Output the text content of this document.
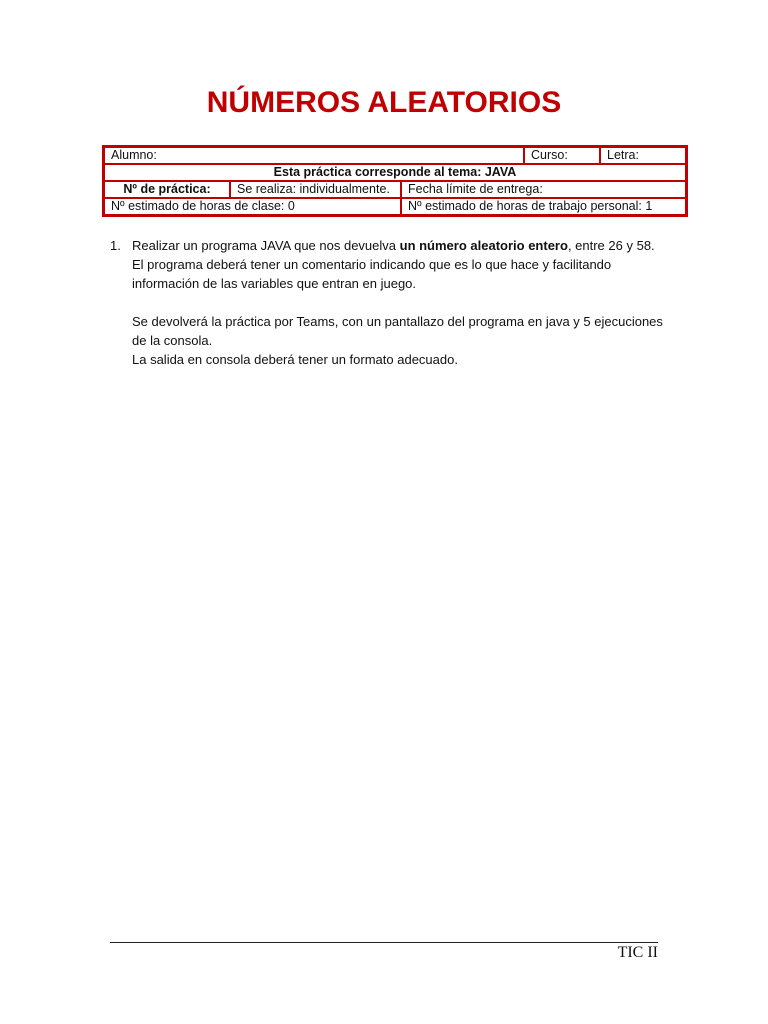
NÚMEROS ALEATORIOS
Alumno:			Curso:	Letra:
Esta práctica corresponde al tema: JAVA				
Nº de práctica:	Se realiza: individualmente.	Fecha límite de entrega:		
Nº estimado de horas de clase: 0		Nº estimado de horas de trabajo personal: 1		
1. Realizar un programa JAVA que nos devuelva un número aleatorio entero, entre 26 y 58.

El programa deberá tener un comentario indicando que es lo que hace y facilitando

información de las variables que entran en juego.

Se devolverá la práctica por Teams, con un pantallazo del programa en java y 5 ejecuciones

de la consola.

La salida en consola deberá tener un formato adecuado.

TIC II
